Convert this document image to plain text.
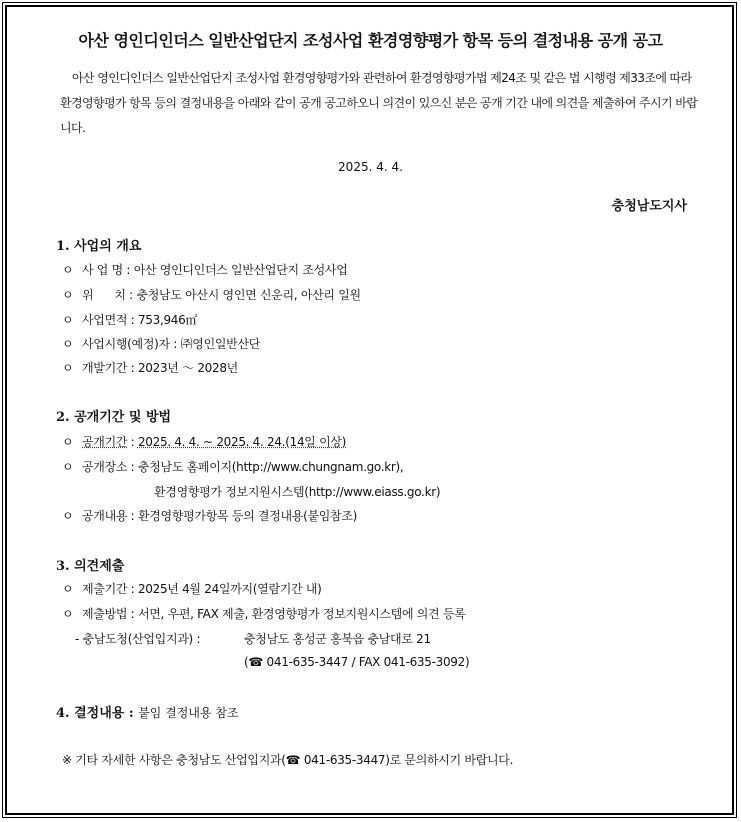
아산 영인디인더스 일반산업단지 조성사업 환경영향평가 항목 등의 결정내용 공개 공고
아산 영인디인더스 일반산업단지 조성사업 환경영향평가와 관련하여 환경영향평가법 제24조 및 같은 법 시행령 제33조에 따라 환경영향평가 항목 등의 결정내용을 아래와 같이 공개 공고하오니 의견이 있으신 분은 공개 기간 내에 의견을 제출하여 주시기 바랍니다.
2025. 4. 4.
충청남도지사
1. 사업의 개요
ㅇ 사 업 명 : 아산 영인디인더스 일반산업단지 조성사업
ㅇ 위      치 : 충청남도 아산시 영인면 신운리, 아산리 일원
ㅇ 사업면적 : 753,946㎡
ㅇ 사업시행(예정)자 : ㈜영인일반산단
ㅇ 개발기간 : 2023년 ～ 2028년
2. 공개기간 및 방법
ㅇ 공개기간 : 2025. 4. 4. ~ 2025. 4. 24.(14일 이상)
ㅇ 공개장소 : 충청남도 홈페이지(http://www.chungnam.go.kr),
환경영향평가 정보지원시스템(http://www.eiass.go.kr)
ㅇ 공개내용 : 환경영향평가항목 등의 결정내용(붙임참조)
3. 의견제출
ㅇ 제출기간 : 2025년 4월 24일까지(열람기간 내)
ㅇ 제출방법 : 서면, 우편, FAX 제출, 환경영향평가 정보지원시스템에 의견 등록
- 충남도청(산업입지과) :	충청남도 홍성군 홍북읍 충남대로 21
(☎ 041-635-3447 / FAX 041-635-3092)
4. 결정내용 : 붙임 결정내용 참조
※ 기타 자세한 사항은 충청남도 산업입지과(☎ 041-635-3447)로 문의하시기 바랍니다.
